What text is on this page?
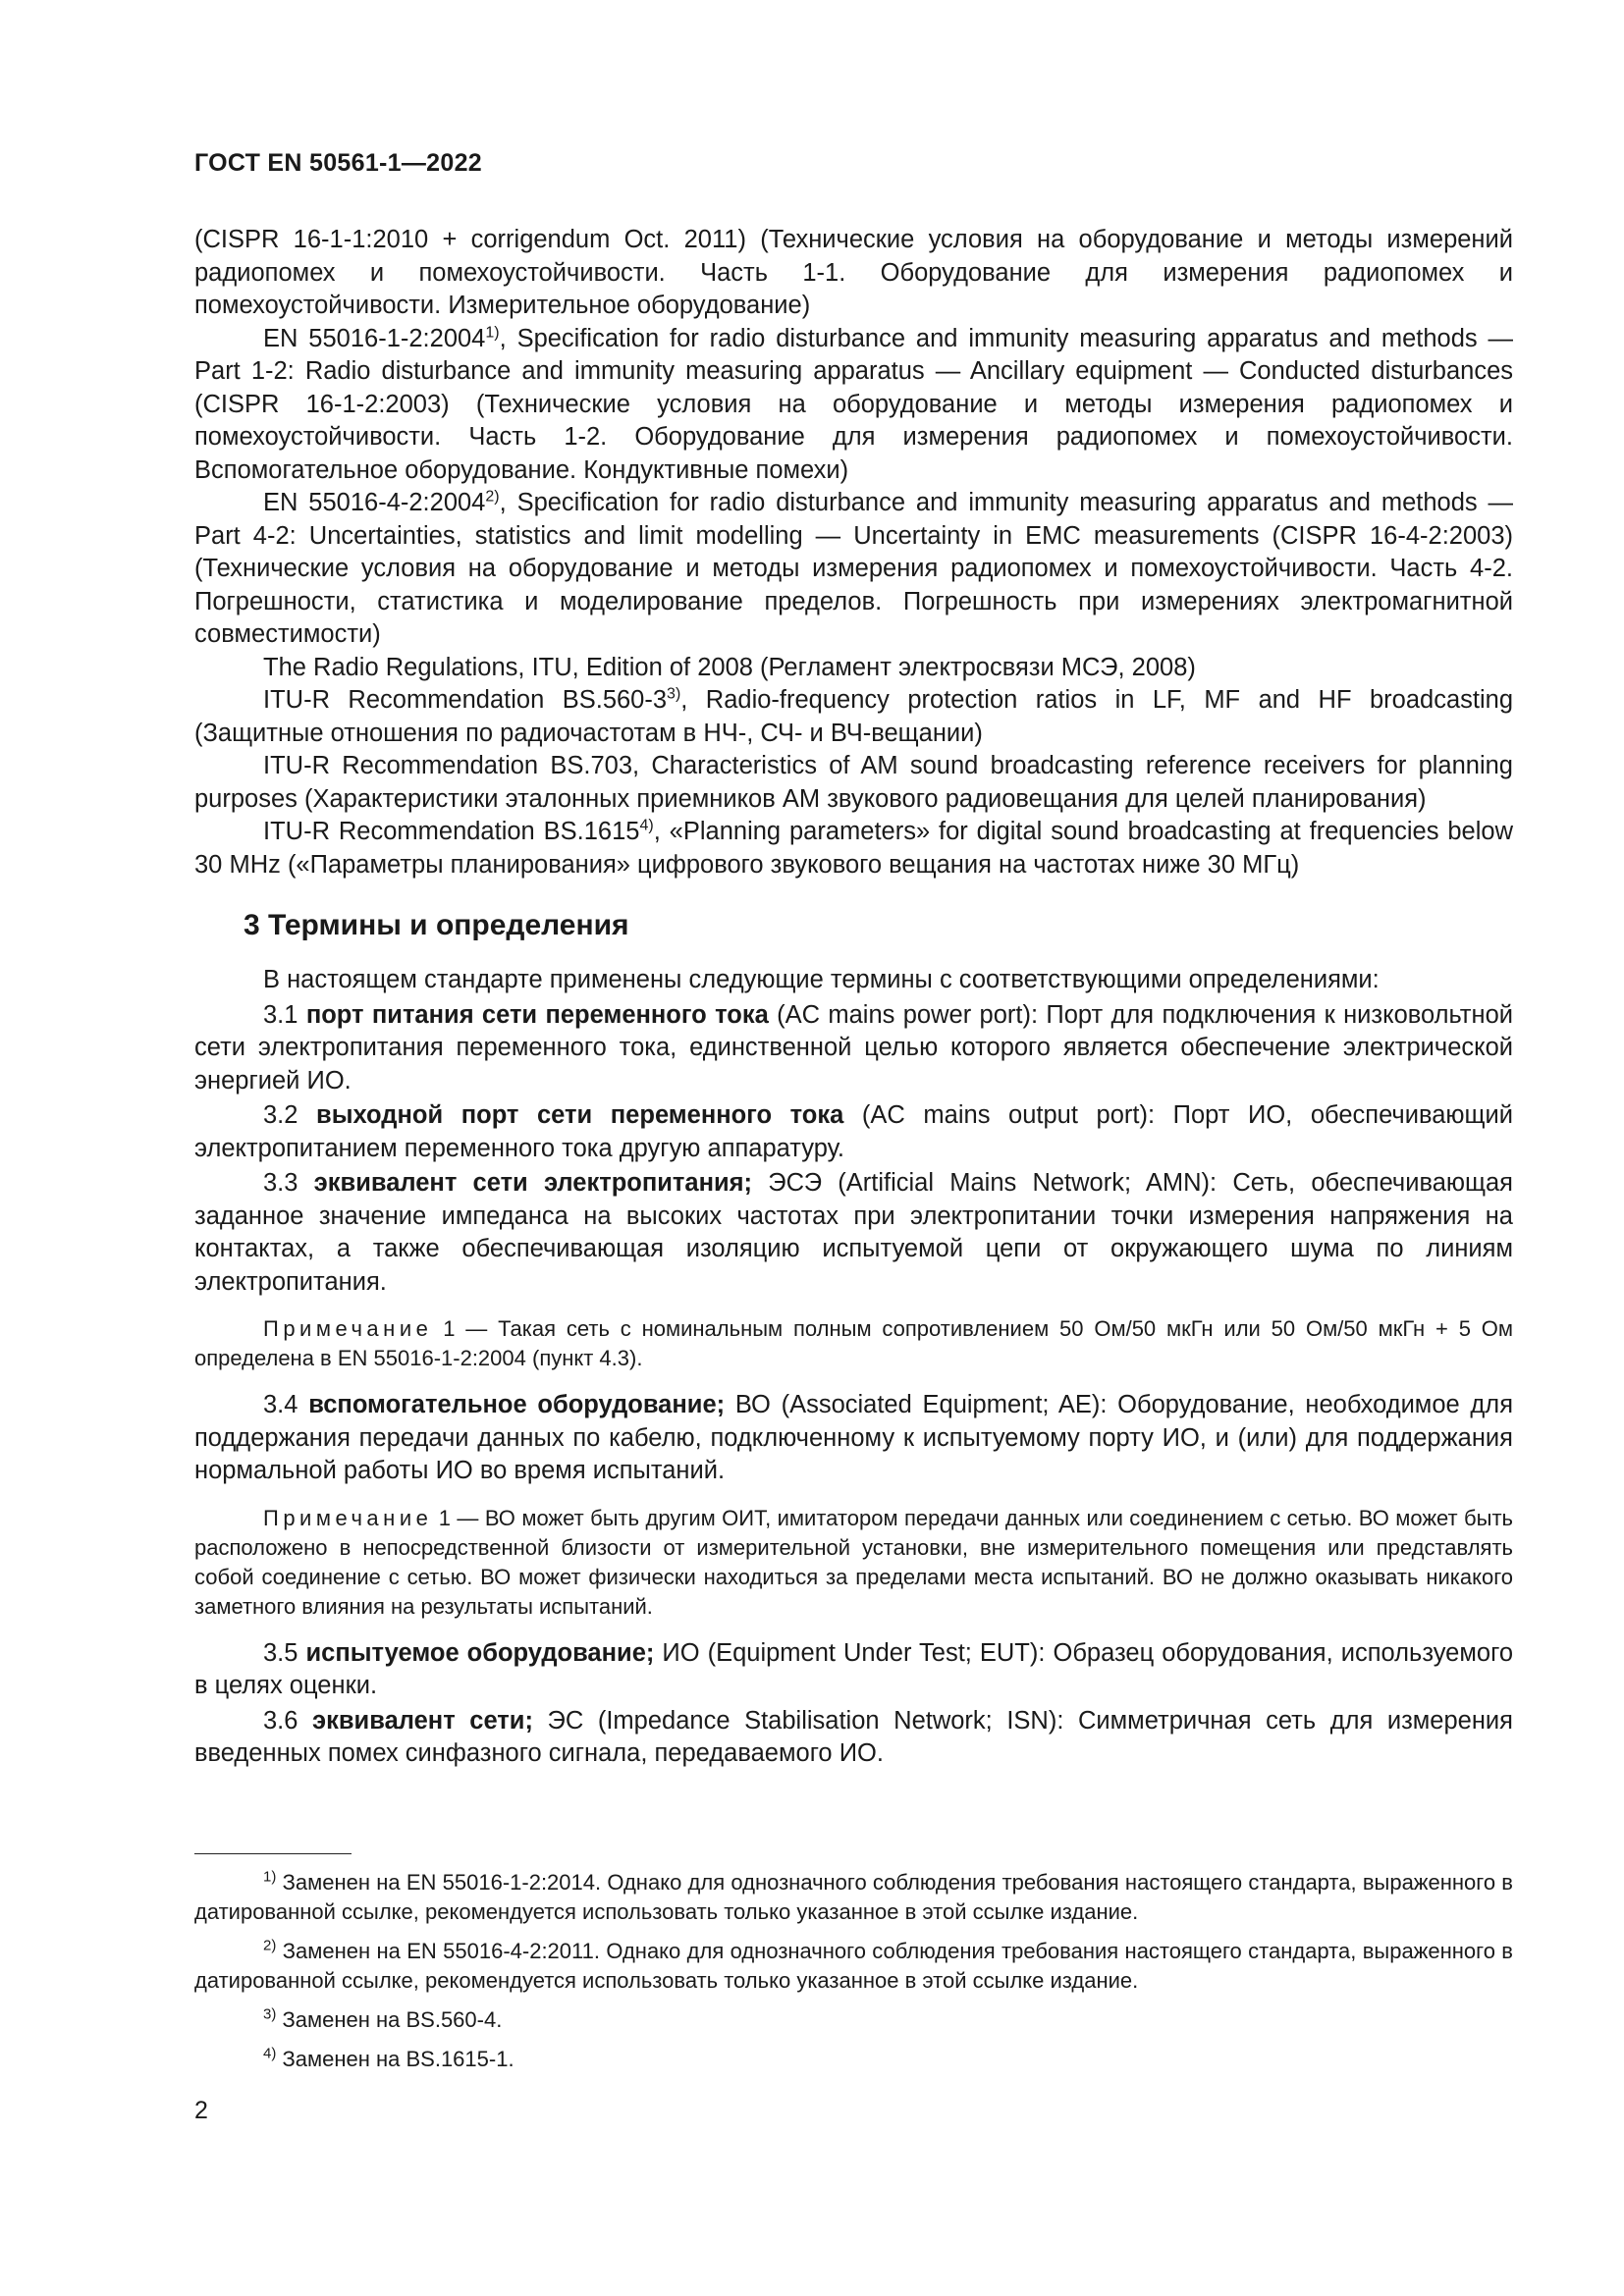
ГОСТ EN 50561-1—2022

(CISPR 16-1-1:2010 + corrigendum Oct. 2011) (Технические условия на оборудование и методы измерений радиопомех и помехоустойчивости. Часть 1-1. Оборудование для измерения радиопомех и помехоустойчивости. Измерительное оборудование)

EN 55016-1-2:2004$^{1)}$, Specification for radio disturbance and immunity measuring apparatus and methods — Part 1-2: Radio disturbance and immunity measuring apparatus — Ancillary equipment — Conducted disturbances (CISPR 16-1-2:2003) (Технические условия на оборудование и методы измерения радиопомех и помехоустойчивости. Часть 1-2. Оборудование для измерения радиопомех и помехоустойчивости. Вспомогательное оборудование. Кондуктивные помехи)

EN 55016-4-2:2004$^{2)}$, Specification for radio disturbance and immunity measuring apparatus and methods — Part 4-2: Uncertainties, statistics and limit modelling — Uncertainty in EMC measurements (CISPR 16-4-2:2003) (Технические условия на оборудование и методы измерения радиопомех и помехоустойчивости. Часть 4-2. Погрешности, статистика и моделирование пределов. Погрешность при измерениях электромагнитной совместимости)

The Radio Regulations, ITU, Edition of 2008 (Регламент электросвязи МСЭ, 2008)

ITU-R Recommendation BS.560-3$^{3)}$, Radio-frequency protection ratios in LF, MF and HF broadcasting (Защитные отношения по радиочастотам в НЧ-, СЧ- и ВЧ-вещании)

ITU-R Recommendation BS.703, Characteristics of AM sound broadcasting reference receivers for planning purposes (Характеристики эталонных приемников АМ звукового радиовещания для целей планирования)

ITU-R Recommendation BS.1615$^{4)}$, «Planning parameters» for digital sound broadcasting at frequencies below 30 MHz («Параметры планирования» цифрового звукового вещания на частотах ниже 30 МГц)

3 Термины и определения

В настоящем стандарте применены следующие термины с соответствующими определениями:

3.1 порт питания сети переменного тока (AC mains power port): Порт для подключения к низковольтной сети электропитания переменного тока, единственной целью которого является обеспечение электрической энергией ИО.

3.2 выходной порт сети переменного тока (AC mains output port): Порт ИО, обеспечивающий электропитанием переменного тока другую аппаратуру.

3.3 эквивалент сети электропитания; ЭСЭ (Artificial Mains Network; AMN): Сеть, обеспечивающая заданное значение импеданса на высоких частотах при электропитании точки измерения напряжения на контактах, а также обеспечивающая изоляцию испытуемой цепи от окружающего шума по линиям электропитания.

Примечание 1 — Такая сеть с номинальным полным сопротивлением 50 Ом/50 мкГн или 50 Ом/50 мкГн + 5 Ом определена в EN 55016-1-2:2004 (пункт 4.3).

3.4 вспомогательное оборудование; ВО (Associated Equipment; AE): Оборудование, необходимое для поддержания передачи данных по кабелю, подключенному к испытуемому порту ИО, и (или) для поддержания нормальной работы ИО во время испытаний.

Примечание 1 — ВО может быть другим ОИТ, имитатором передачи данных или соединением с сетью. ВО может быть расположено в непосредственной близости от измерительной установки, вне измерительного помещения или представлять собой соединение с сетью. ВО может физически находиться за пределами места испытаний. ВО не должно оказывать никакого заметного влияния на результаты испытаний.

3.5 испытуемое оборудование; ИО (Equipment Under Test; EUT): Образец оборудования, используемого в целях оценки.

3.6 эквивалент сети; ЭС (Impedance Stabilisation Network; ISN): Симметричная сеть для измерения введенных помех синфазного сигнала, передаваемого ИО.

$^{1)}$ Заменен на EN 55016-1-2:2014. Однако для однозначного соблюдения требования настоящего стандарта, выраженного в датированной ссылке, рекомендуется использовать только указанное в этой ссылке издание.
$^{2)}$ Заменен на EN 55016-4-2:2011. Однако для однозначного соблюдения требования настоящего стандарта, выраженного в датированной ссылке, рекомендуется использовать только указанное в этой ссылке издание.
$^{3)}$ Заменен на BS.560-4.
$^{4)}$ Заменен на BS.1615-1.
2
